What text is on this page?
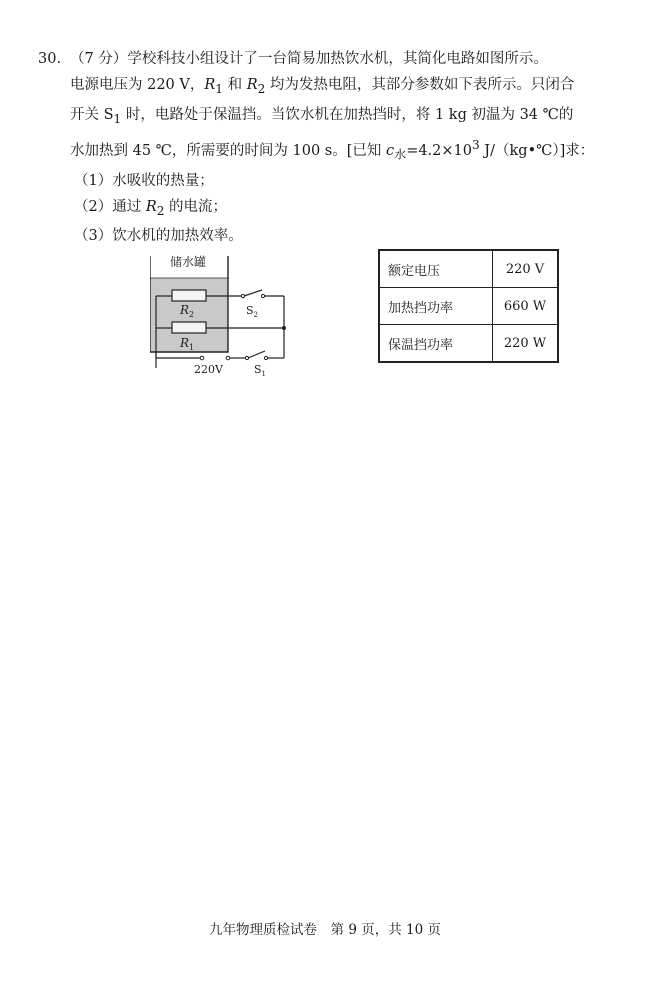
30. （7 分）学校科技小组设计了一台简易加热饮水机，其简化电路如图所示。
电源电压为 220 V，$R_1$ 和 $R_2$ 均为发热电阻，其部分参数如下表所示。只闭合
开关 $S_1$ 时，电路处于保温挡。当饮水机在加热挡时，将 1 kg 初温为 34 ℃的
水加热到 45 ℃，所需要的时间为 100 s。[已知 $c_水=4.2\times 10^3$ J/（kg•℃）]求：
（1）水吸收的热量；
（2）通过 $R_2$ 的电流；
（3）饮水机的加热效率。
储水罐
$R_2$	$S_2$
$R_1$
220V	$S_1$
额定电压	220 V
加热挡功率	660 W
保温挡功率	220 W
九年物理质检试卷　第 9 页，共 10 页
